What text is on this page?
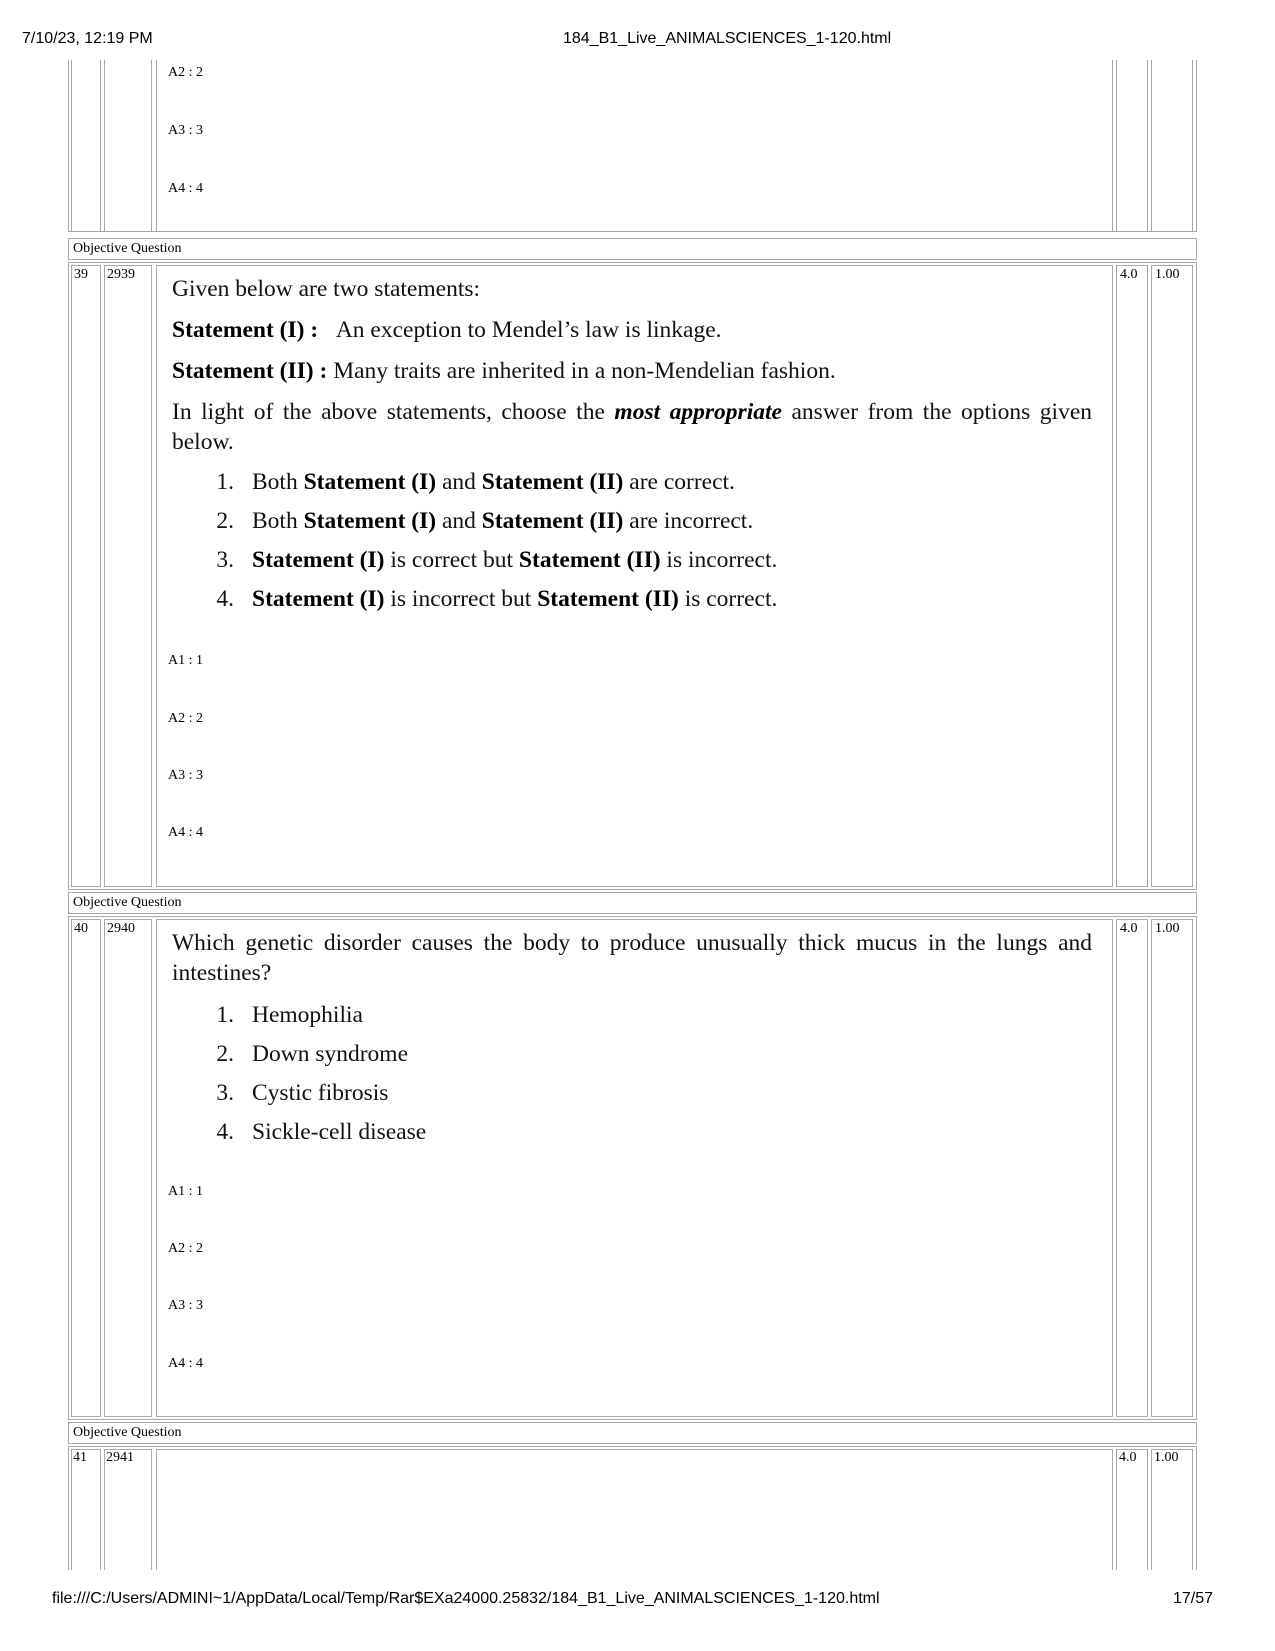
7/10/23, 12:19 PM	184_B1_Live_ANIMALSCIENCES_1-120.html
file:///C:/Users/ADMINI~1/AppData/Local/Temp/Rar$EXa24000.25832/184_B1_Live_ANIMALSCIENCES_1-120.html	17/57
A2 : 2
A3 : 3
A4 : 4
Objective Question
39 2939	4.0 1.00

Given below are two statements:

Statement (I) : An exception to Mendel’s law is linkage.

Statement (II) : Many traits are inherited in a non-Mendelian fashion.

In light of the above statements, choose the most appropriate answer from the options given below.

1. Both Statement (I) and Statement (II) are correct.
2. Both Statement (I) and Statement (II) are incorrect.
3. Statement (I) is correct but Statement (II) is incorrect.
4. Statement (I) is incorrect but Statement (II) is correct.
A1 : 1
A2 : 2
A3 : 3
A4 : 4
Objective Question
40 2940	4.0 1.00
Which genetic disorder causes the body to produce unusually thick mucus in the lungs and intestines?
1. Hemophilia
2. Down syndrome
3. Cystic fibrosis
4. Sickle-cell disease
A1 : 1
A2 : 2
A3 : 3
A4 : 4
Objective Question
41 2941	4.0 1.00
